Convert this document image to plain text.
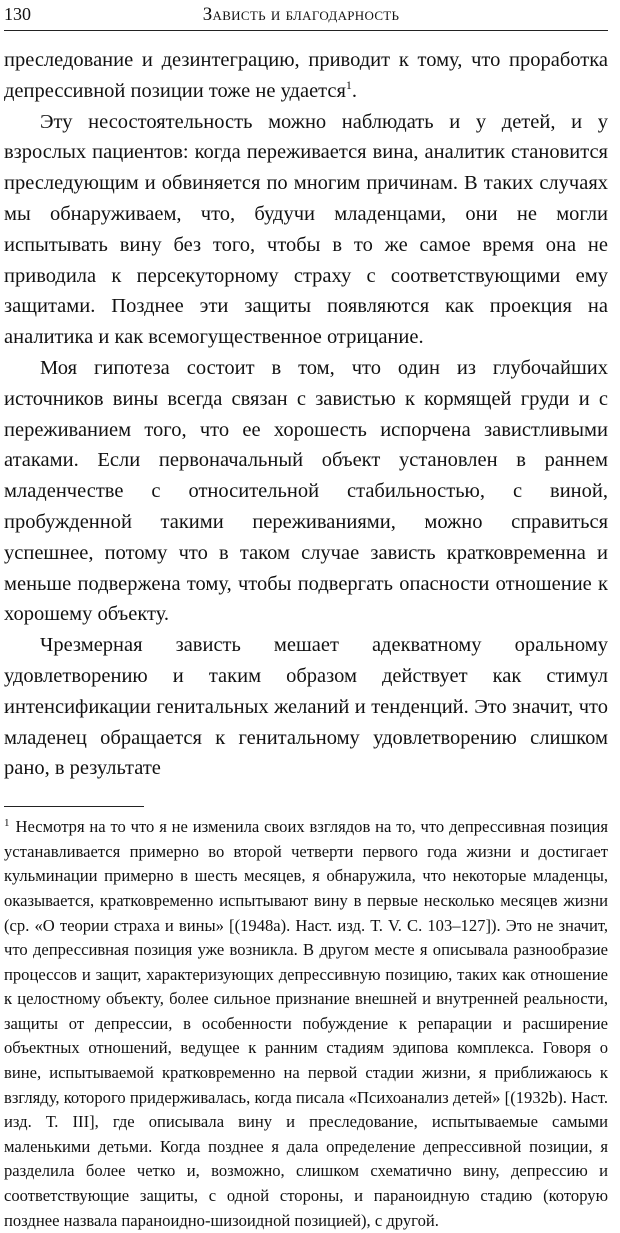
130	Зависть и благодарность

преследование и дезинтеграцию, приводит к тому, что проработка депрессивной позиции тоже не удается$^1$.

Эту несостоятельность можно наблюдать и у детей, и у взрослых пациентов: когда переживается вина, аналитик становится преследующим и обвиняется по многим причинам. В таких случаях мы обнаруживаем, что, будучи младенцами, они не могли испытывать вину без того, чтобы в то же самое время она не приводила к персекуторному страху с соответствующими ему защитами. Позднее эти защиты появляются как проекция на аналитика и как всемогущественное отрицание.

Моя гипотеза состоит в том, что один из глубочайших источников вины всегда связан с завистью к кормящей груди и с переживанием того, что ее хорошесть испорчена завистливыми атаками. Если первоначальный объект установлен в раннем младенчестве с относительной стабильностью, с виной, пробужденной такими переживаниями, можно справиться успешнее, потому что в таком случае зависть кратковременна и меньше подвержена тому, чтобы подвергать опасности отношение к хорошему объекту.

Чрезмерная зависть мешает адекватному оральному удовлетворению и таким образом действует как стимул интенсификации генитальных желаний и тенденций. Это значит, что младенец обращается к генитальному удовлетворению слишком рано, в результате

$^1$ Несмотря на то что я не изменила своих взглядов на то, что депрессивная позиция устанавливается примерно во второй четверти первого года жизни и достигает кульминации примерно в шесть месяцев, я обнаружила, что некоторые младенцы, оказывается, кратковременно испытывают вину в первые несколько месяцев жизни (ср. «О теории страха и вины» [(1948a). Наст. изд. Т. V. С. 103–127]). Это не значит, что депрессивная позиция уже возникла. В другом месте я описывала разнообразие процессов и защит, характеризующих депрессивную позицию, таких как отношение к целостному объекту, более сильное признание внешней и внутренней реальности, защиты от депрессии, в особенности побуждение к репарации и расширение объектных отношений, ведущее к ранним стадиям эдипова комплекса. Говоря о вине, испытываемой кратковременно на первой стадии жизни, я приближаюсь к взгляду, которого придерживалась, когда писала «Психоанализ детей» [(1932b). Наст. изд. Т. III], где описывала вину и преследование, испытываемые самыми маленькими детьми. Когда позднее я дала определение депрессивной позиции, я разделила более четко и, возможно, слишком схематично вину, депрессию и соответствующие защиты, с одной стороны, и параноидную стадию (которую позднее назвала параноидно-шизоидной позицией), с другой.
